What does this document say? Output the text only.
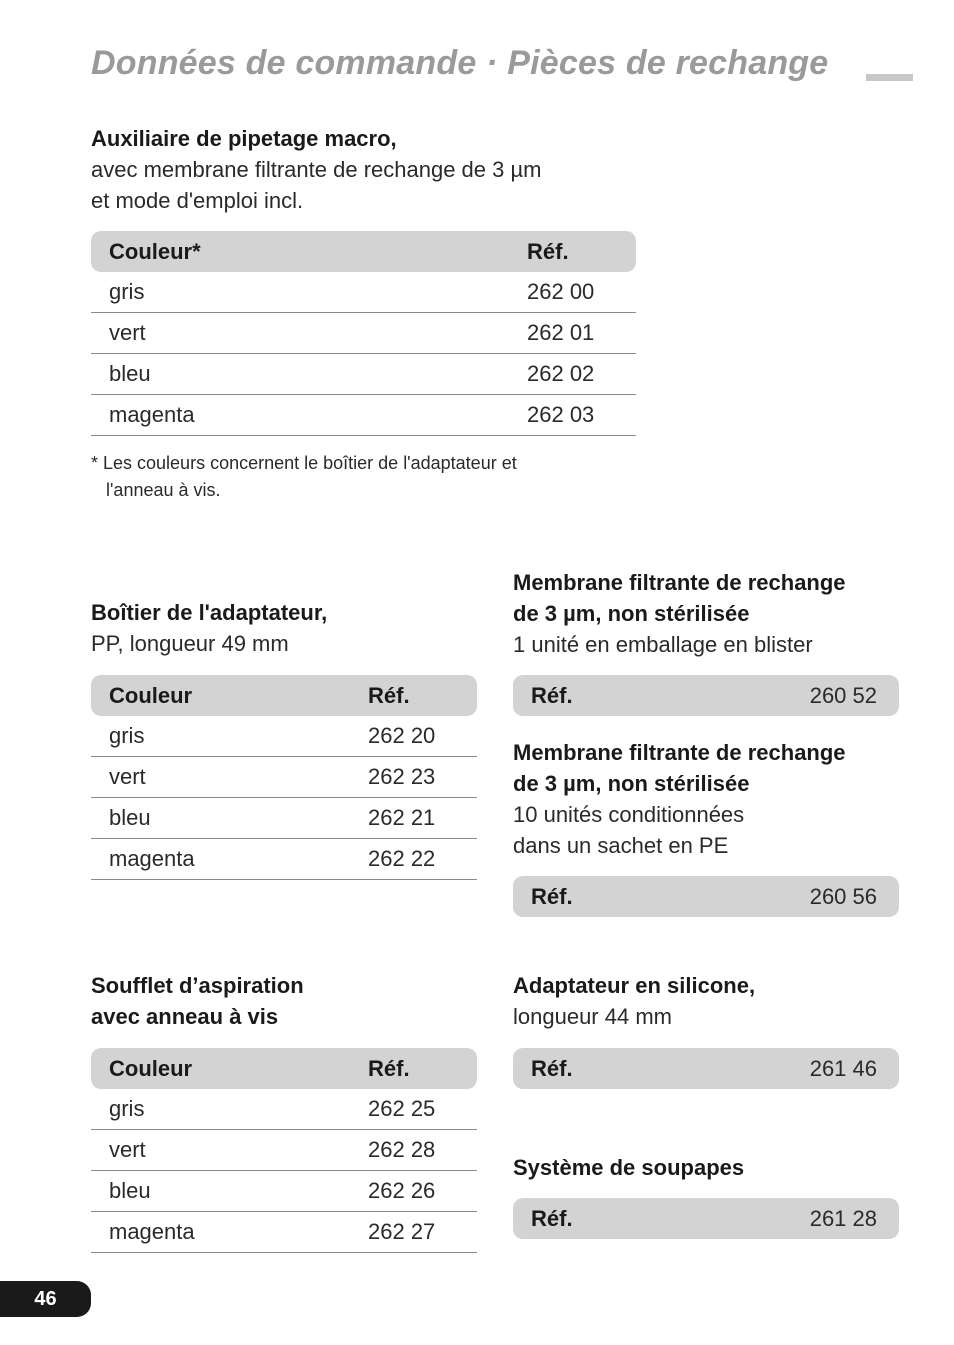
Données de commande · Pièces de rechange
Auxiliaire de pipetage macro,
avec membrane filtrante de rechange de 3 µm
et mode d'emploi incl.
Couleur*	Réf.
gris	262 00
vert	262 01
bleu	262 02
magenta	262 03
* Les couleurs concernent le boîtier de l'adaptateur et
l'anneau à vis.
Boîtier de l'adaptateur,
PP, longueur 49 mm
Couleur	Réf.
gris	262 20
vert	262 23
bleu	262 21
magenta	262 22
Soufflet d’aspiration
avec anneau à vis
Couleur	Réf.
gris	262 25
vert	262 28
bleu	262 26
magenta	262 27
Membrane filtrante de rechange
de 3 µm, non stérilisée
1 unité en emballage en blister
Réf.	260 52
Membrane filtrante de rechange
de 3 µm, non stérilisée
10 unités conditionnées
dans un sachet en PE
Réf.	260 56
Adaptateur en silicone,
longueur 44 mm
Réf.	261 46
Système de soupapes
Réf.	261 28
46
